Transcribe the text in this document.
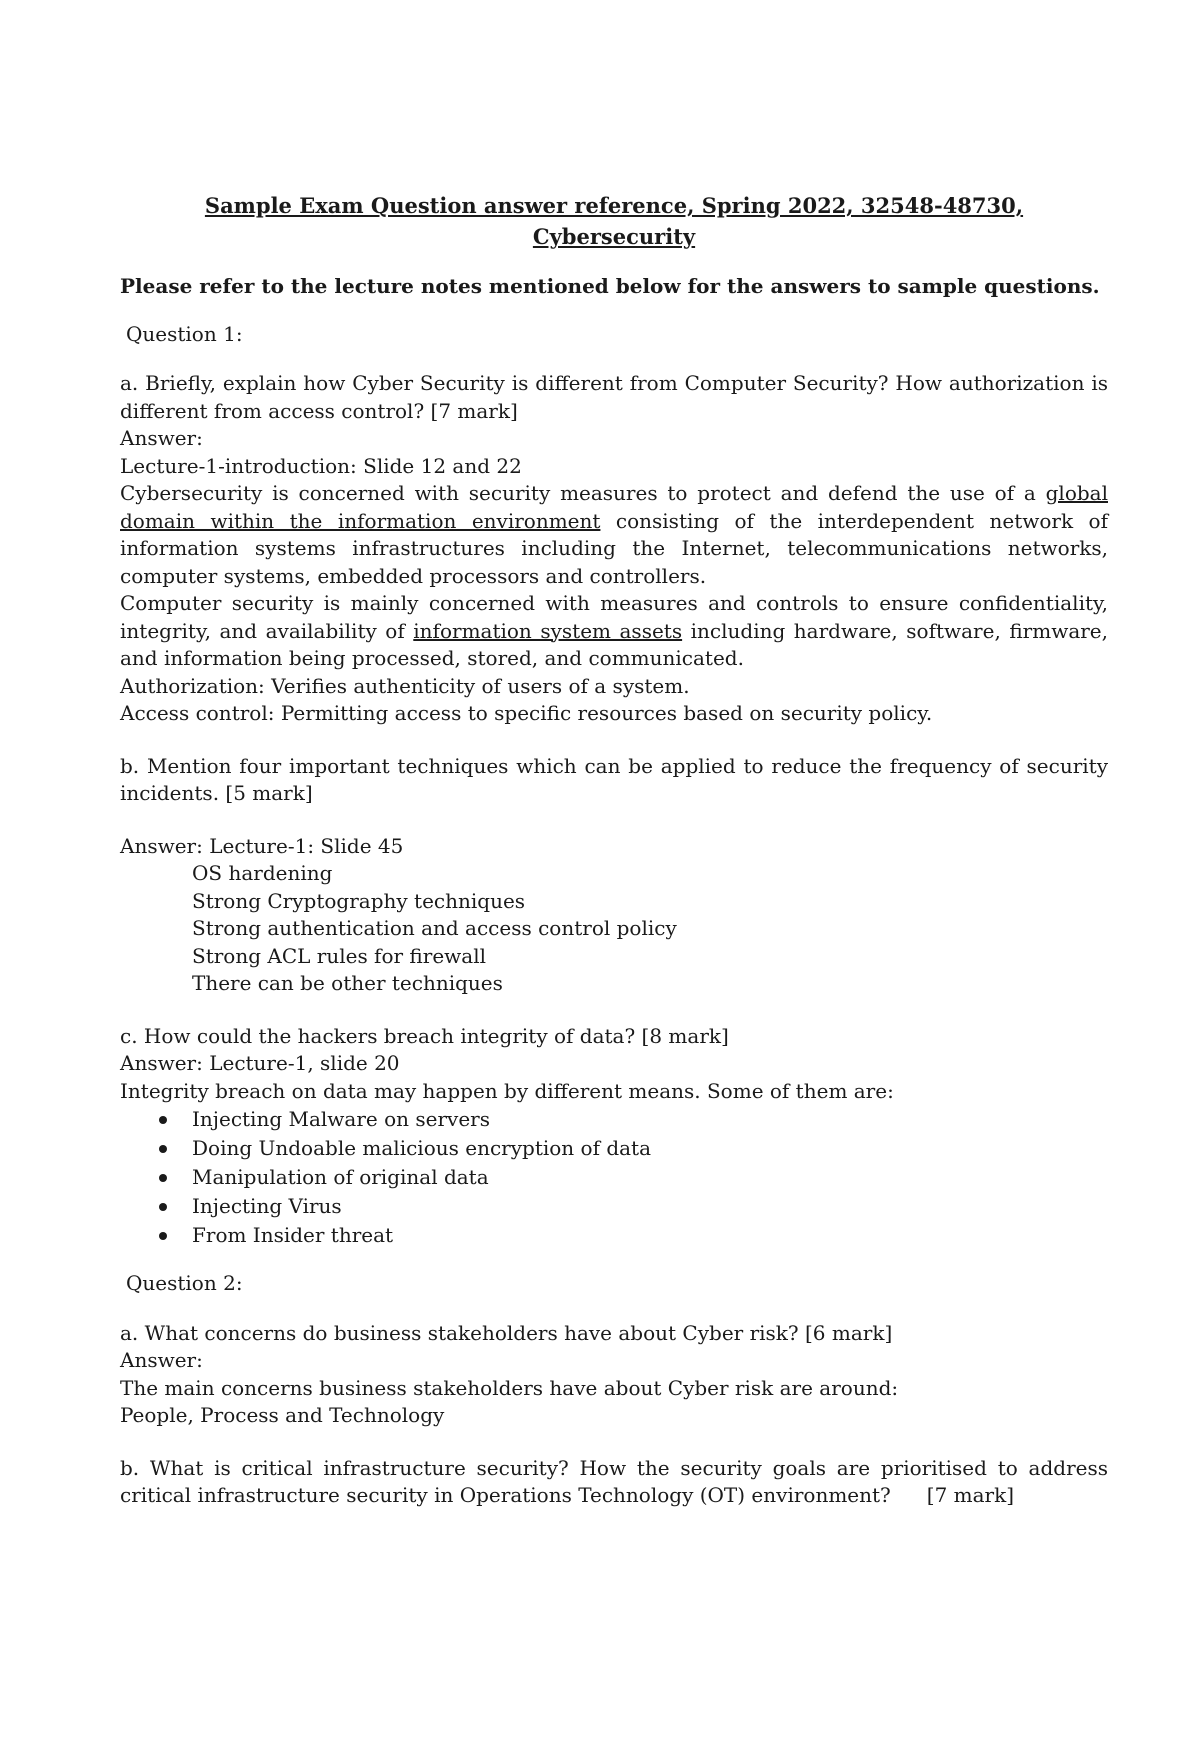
Sample Exam Question answer reference, Spring 2022, 32548-48730,
Cybersecurity

Please refer to the lecture notes mentioned below for the answers to sample questions.

Question 1:

a. Briefly, explain how Cyber Security is different from Computer Security? How authorization is different from access control? [7 mark]

Answer:

Lecture-1-introduction: Slide 12 and 22

Cybersecurity is concerned with security measures to protect and defend the use of a global domain within the information environment consisting of the interdependent network of information systems infrastructures including the Internet, telecommunications networks, computer systems, embedded processors and controllers.

Computer security is mainly concerned with measures and controls to ensure confidentiality, integrity, and availability of information system assets including hardware, software, firmware, and information being processed, stored, and communicated.

Authorization: Verifies authenticity of users of a system.

Access control: Permitting access to specific resources based on security policy.

b. Mention four important techniques which can be applied to reduce the frequency of security incidents. [5 mark]

Answer: Lecture-1: Slide 45

OS hardening

Strong Cryptography techniques

Strong authentication and access control policy

Strong ACL rules for firewall

There can be other techniques

c. How could the hackers breach integrity of data? [8 mark]

Answer: Lecture-1, slide 20

Integrity breach on data may happen by different means. Some of them are:

Injecting Malware on servers
Doing Undoable malicious encryption of data
Manipulation of original data
Injecting Virus
From Insider threat

Question 2:

a. What concerns do business stakeholders have about Cyber risk? [6 mark]

Answer:

The main concerns business stakeholders have about Cyber risk are around:

People, Process and Technology

b. What is critical infrastructure security? How the security goals are prioritised to address critical infrastructure security in Operations Technology (OT) environment? [7 mark]
